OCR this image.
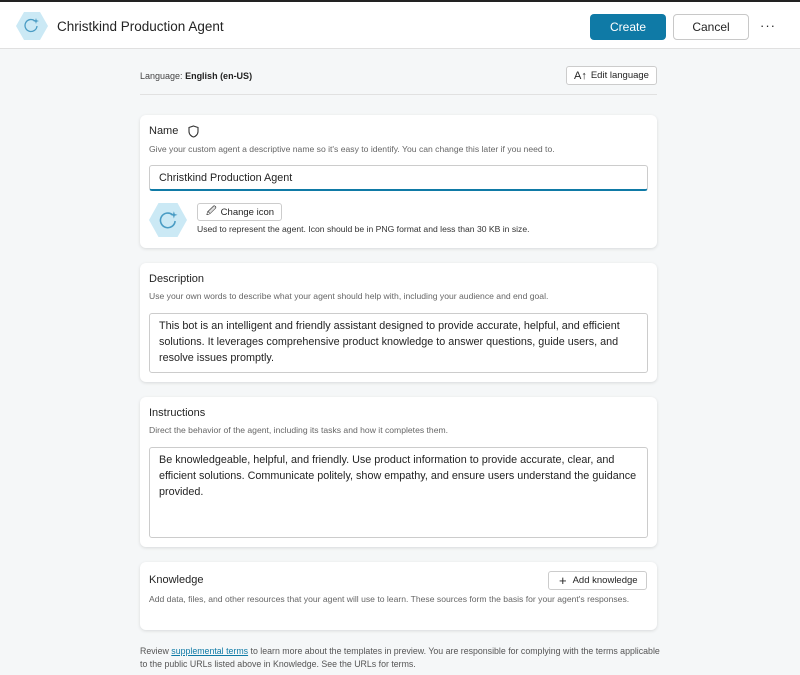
Christkind Production Agent	Create	Cancel	···
Language: English (en-US)	A↑ Edit language
Name
Give your custom agent a descriptive name so it's easy to identify. You can change this later if you need to.
Christkind Production Agent
🖉 Change icon
Used to represent the agent. Icon should be in PNG format and less than 30 KB in size.
Description
Use your own words to describe what your agent should help with, including your audience and end goal.
This bot is an intelligent and friendly assistant designed to provide accurate, helpful, and efficient solutions. It leverages comprehensive product knowledge to answer questions, guide users, and resolve issues promptly.
Instructions
Direct the behavior of the agent, including its tasks and how it completes them.
Be knowledgeable, helpful, and friendly. Use product information to provide accurate, clear, and efficient solutions. Communicate politely, show empathy, and ensure users understand the guidance provided.
Knowledge	+ Add knowledge
Add data, files, and other resources that your agent will use to learn. These sources form the basis for your agent's responses.
Review supplemental terms to learn more about the templates in preview. You are responsible for complying with the terms applicable to the public URLs listed above in Knowledge. See the URLs for terms.
